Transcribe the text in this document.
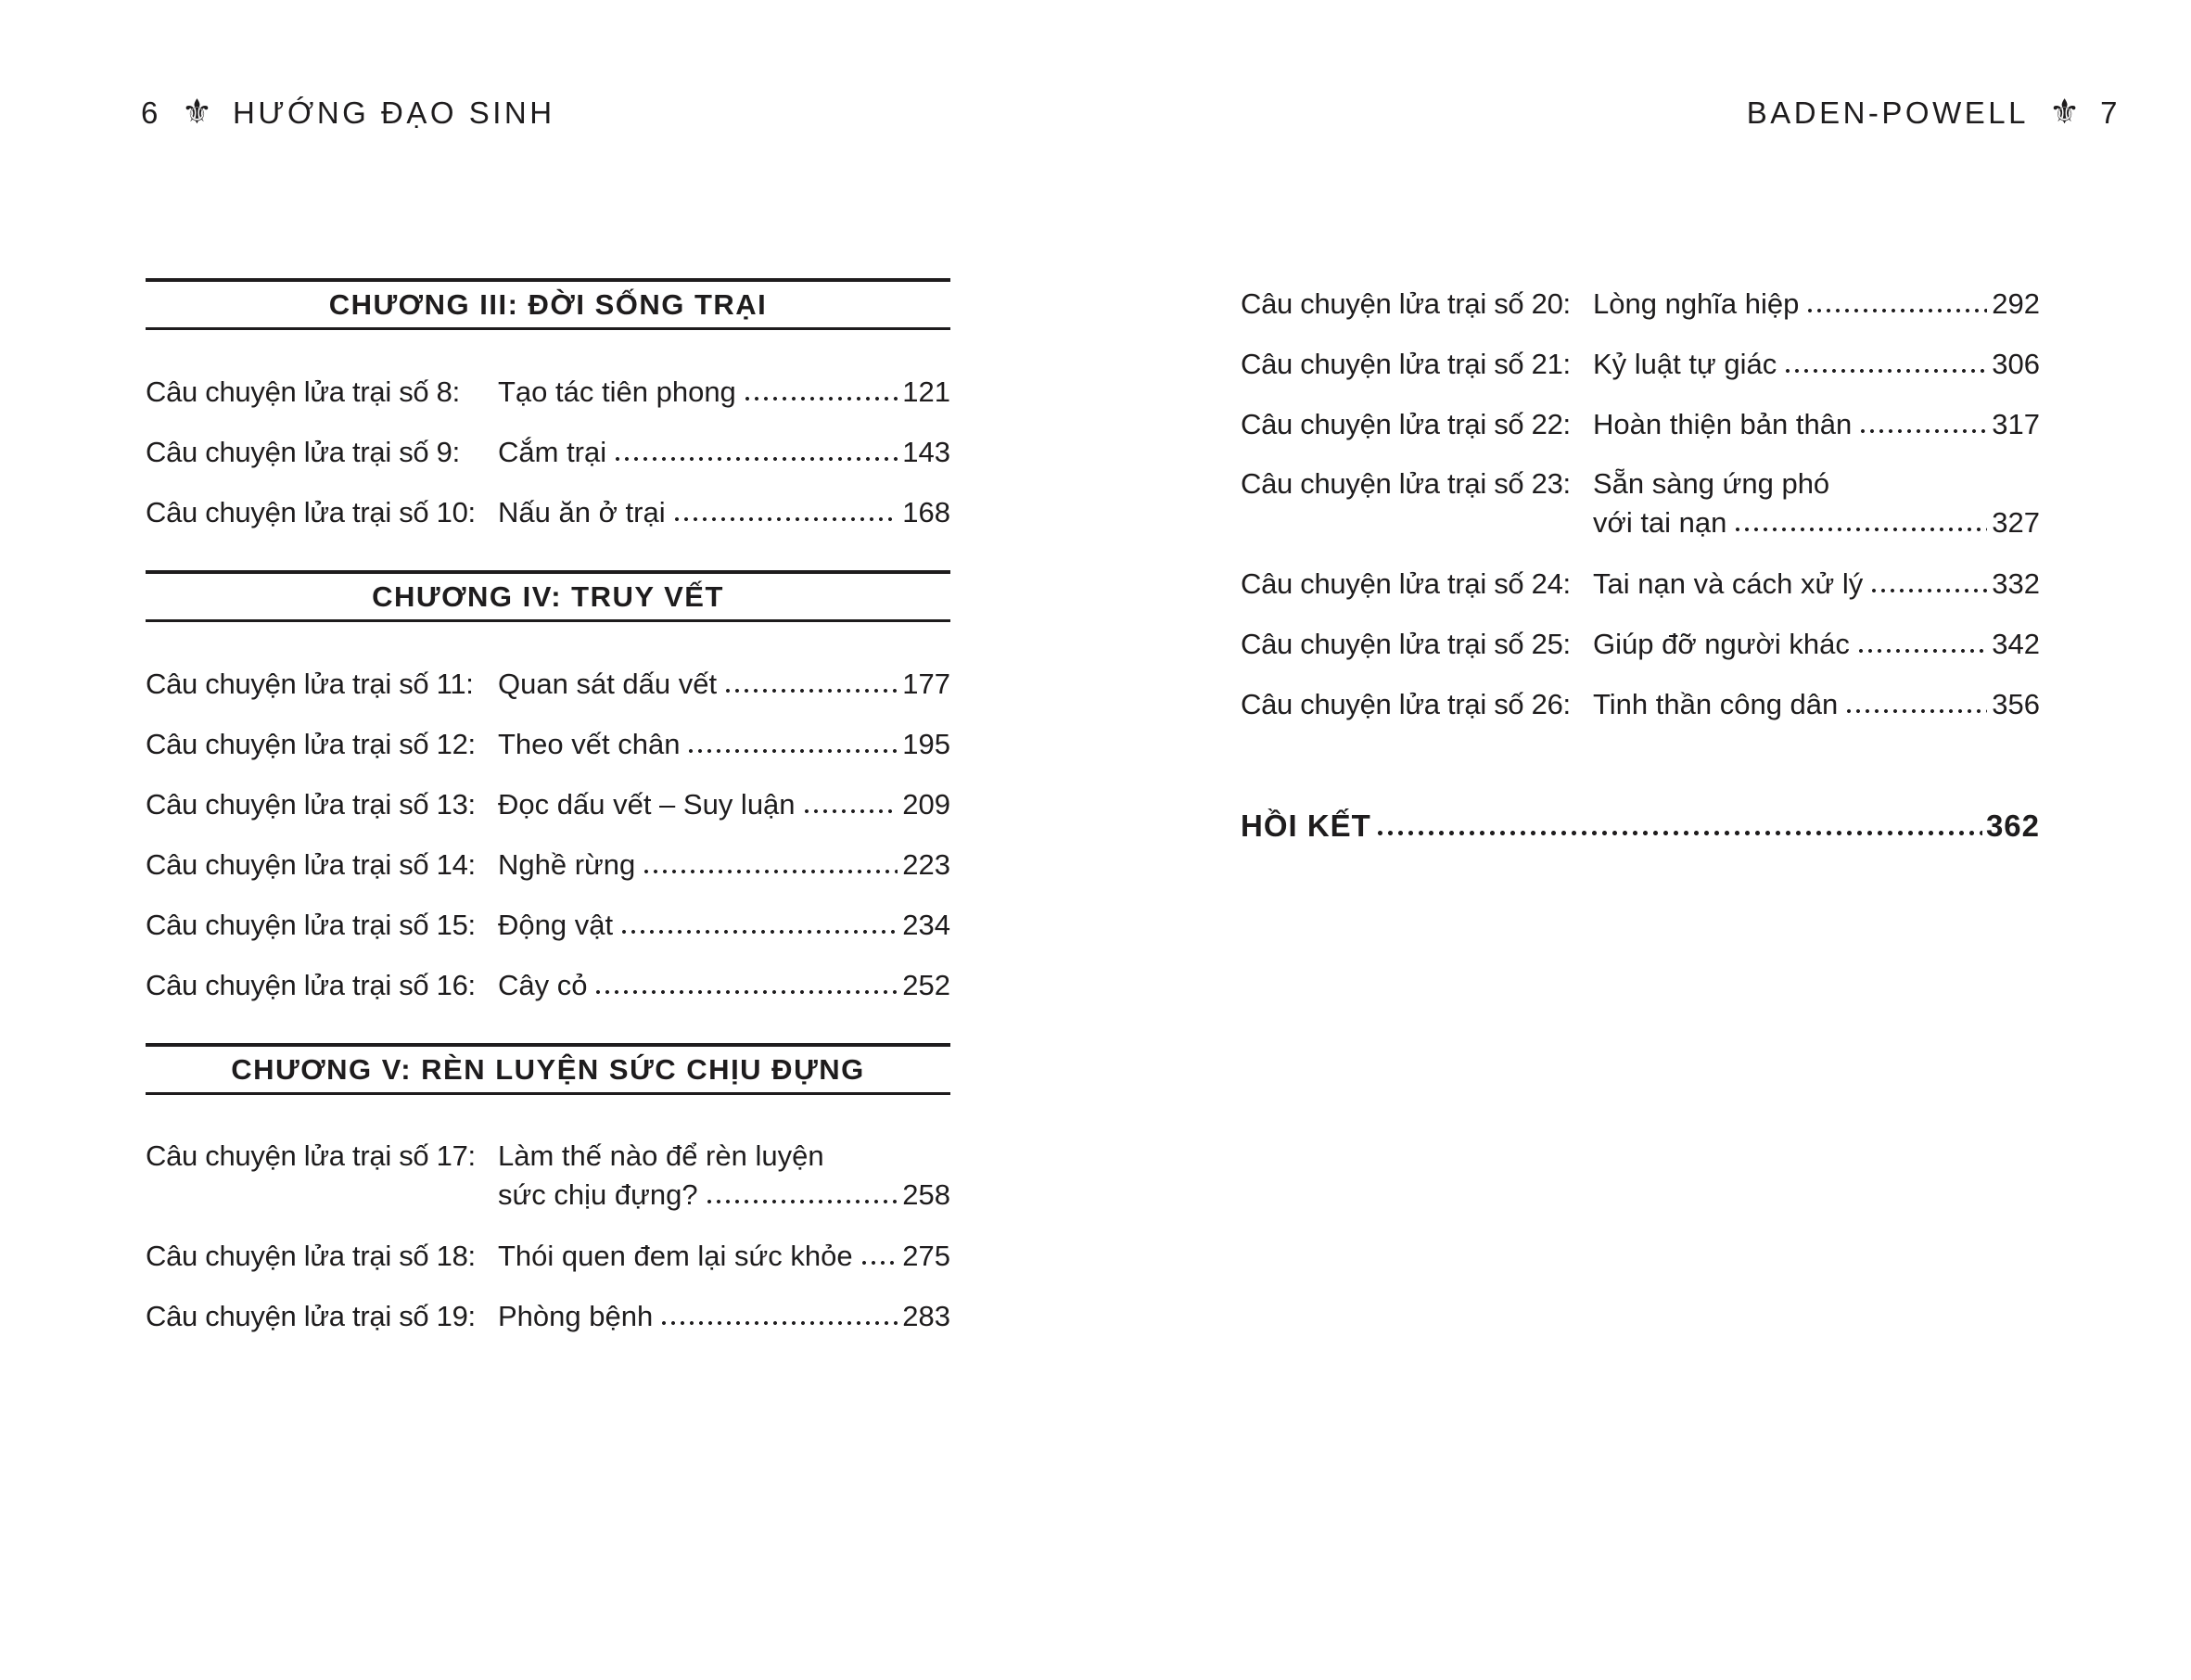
6 ⚜ HƯỚNG ĐẠO SINH	BADEN-POWELL ⚜ 7
CHƯƠNG III: ĐỜI SỐNG TRẠI
Câu chuyện lửa trại số 8:	Tạo tác tiên phong	121
Câu chuyện lửa trại số 9:	Cắm trại	143
Câu chuyện lửa trại số 10: Nấu ăn ở trại	168
CHƯƠNG IV: TRUY VẾT
Câu chuyện lửa trại số 11: Quan sát dấu vết	177
Câu chuyện lửa trại số 12: Theo vết chân	195
Câu chuyện lửa trại số 13: Đọc dấu vết – Suy luận	209
Câu chuyện lửa trại số 14: Nghề rừng	223
Câu chuyện lửa trại số 15: Động vật	234
Câu chuyện lửa trại số 16: Cây cỏ	252
CHƯƠNG V: RÈN LUYỆN SỨC CHỊU ĐỰNG
Câu chuyện lửa trại số 17: Làm thế nào để rèn luyện
sức chịu đựng?	258
Câu chuyện lửa trại số 18: Thói quen đem lại sức khỏe 275
Câu chuyện lửa trại số 19: Phòng bệnh	283
Câu chuyện lửa trại số 20: Lòng nghĩa hiệp	292
Câu chuyện lửa trại số 21: Kỷ luật tự giác	306
Câu chuyện lửa trại số 22: Hoàn thiện bản thân	317
Câu chuyện lửa trại số 23: Sẵn sàng ứng phó
với tai nạn	327
Câu chuyện lửa trại số 24: Tai nạn và cách xử lý	332
Câu chuyện lửa trại số 25: Giúp đỡ người khác	342
Câu chuyện lửa trại số 26: Tinh thần công dân	356
HỒI KẾT	362
